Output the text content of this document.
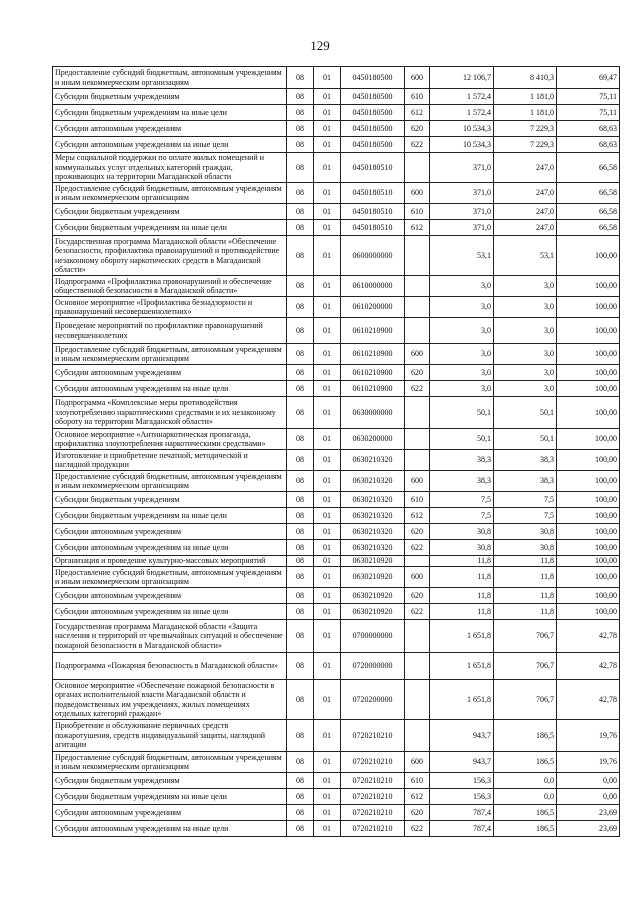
129
Предоставление субсидий бюджетным, автономным учреждениям и иным некоммерческим организациям	08	01	0450180500	600	12 106,7	8 410,3	69,47
Субсидии бюджетным учреждениям	08	01	0450180500	610	1 572,4	1 181,0	75,11
Субсидии бюджетным учреждениям на иные цели	08	01	0450180500	612	1 572,4	1 181,0	75,11
Субсидии автономным учреждениям	08	01	0450180500	620	10 534,3	7 229,3	68,63
Субсидии автономным учреждениям на иные цели	08	01	0450180500	622	10 534,3	7 229,3	68,63
Меры социальной поддержки по оплате жилых помещений и коммунальных услуг отдельных категорий граждан, проживающих на территории Магаданской области	08	01	0450180510		371,0	247,0	66,58
Предоставление субсидий бюджетным, автономным учреждениям и иным некоммерческим организациям	08	01	0450180510	600	371,0	247,0	66,58
Субсидии бюджетным учреждениям	08	01	0450180510	610	371,0	247,0	66,58
Субсидии бюджетным учреждениям на иные цели	08	01	0450180510	612	371,0	247,0	66,58
Государственная программа Магаданской области «Обеспечение безопасности, профилактика правонарушений и противодействие незаконному обороту наркотических средств в Магаданской области»	08	01	0600000000		53,1	53,1	100,00
Подпрограмма «Профилактика правонарушений и обеспечение общественной безопасности в Магаданской области»	08	01	0610000000		3,0	3,0	100,00
Основное мероприятие «Профилактика безнадзорности и правонарушений несовершеннолетних»	08	01	0610200000		3,0	3,0	100,00
Проведение мероприятий по профилактике правонарушений несовершеннолетних	08	01	0610210900		3,0	3,0	100,00
Предоставление субсидий бюджетным, автономным учреждениям и иным некоммерческим организациям	08	01	0610210900	600	3,0	3,0	100,00
Субсидии автономным учреждениям	08	01	0610210900	620	3,0	3,0	100,00
Субсидии автономным учреждениям на иные цели	08	01	0610210900	622	3,0	3,0	100,00
Подпрограмма «Комплексные меры противодействия злоупотреблению наркотическими средствами и их незаконному обороту на территории Магаданской области»	08	01	0630000000		50,1	50,1	100,00
Основное мероприятие «Антинаркотическая пропаганда, профилактика злоупотребления наркотическими средствами»	08	01	0630200000		50,1	50,1	100,00
Изготовление и приобретение печатной, методической и наглядной продукции	08	01	0630210320		38,3	38,3	100,00
Предоставление субсидий бюджетным, автономным учреждениям и иным некоммерческим организациям	08	01	0630210320	600	38,3	38,3	100,00
Субсидии бюджетным учреждениям	08	01	0630210320	610	7,5	7,5	100,00
Субсидии бюджетным учреждениям на иные цели	08	01	0630210320	612	7,5	7,5	100,00
Субсидии автономным учреждениям	08	01	0630210320	620	30,8	30,8	100,00
Субсидии автономным учреждениям на иные цели	08	01	0630210320	622	30,8	30,8	100,00
Организация и проведение культурно-массовых мероприятий	08	01	0630210920		11,8	11,8	100,00
Предоставление субсидий бюджетным, автономным учреждениям и иным некоммерческим организациям	08	01	0630210920	600	11,8	11,8	100,00
Субсидии автономным учреждениям	08	01	0630210920	620	11,8	11,8	100,00
Субсидии автономным учреждениям на иные цели	08	01	0630210920	622	11,8	11,8	100,00
Государственная программа Магаданской области «Защита населения и территорий от чрезвычайных ситуаций и обеспечение пожарной безопасности в Магаданской области»	08	01	0700000000		1 651,8	706,7	42,78
Подпрограмма «Пожарная безопасность в Магаданской области»	08	01	0720000000		1 651,8	706,7	42,78
Основное мероприятие «Обеспечение пожарной безопасности в органах исполнительной власти Магаданской области и подведомственных им учреждениях, жилых помещениях отдельных категорий граждан»	08	01	0720200000		1 651,8	706,7	42,78
Приобретение и обслуживание первичных средств пожаротушения, средств индивидуальной защиты, наглядной агитации	08	01	0720210210		943,7	186,5	19,76
Предоставление субсидий бюджетным, автономным учреждениям и иным некоммерческим организациям	08	01	0720210210	600	943,7	186,5	19,76
Субсидии бюджетным учреждениям	08	01	0720210210	610	156,3	0,0	0,00
Субсидии бюджетным учреждениям на иные цели	08	01	0720210210	612	156,3	0,0	0,00
Субсидии автономным учреждениям	08	01	0720210210	620	787,4	186,5	23,69
Субсидии автономным учреждениям на иные цели	08	01	0720210210	622	787,4	186,5	23,69
